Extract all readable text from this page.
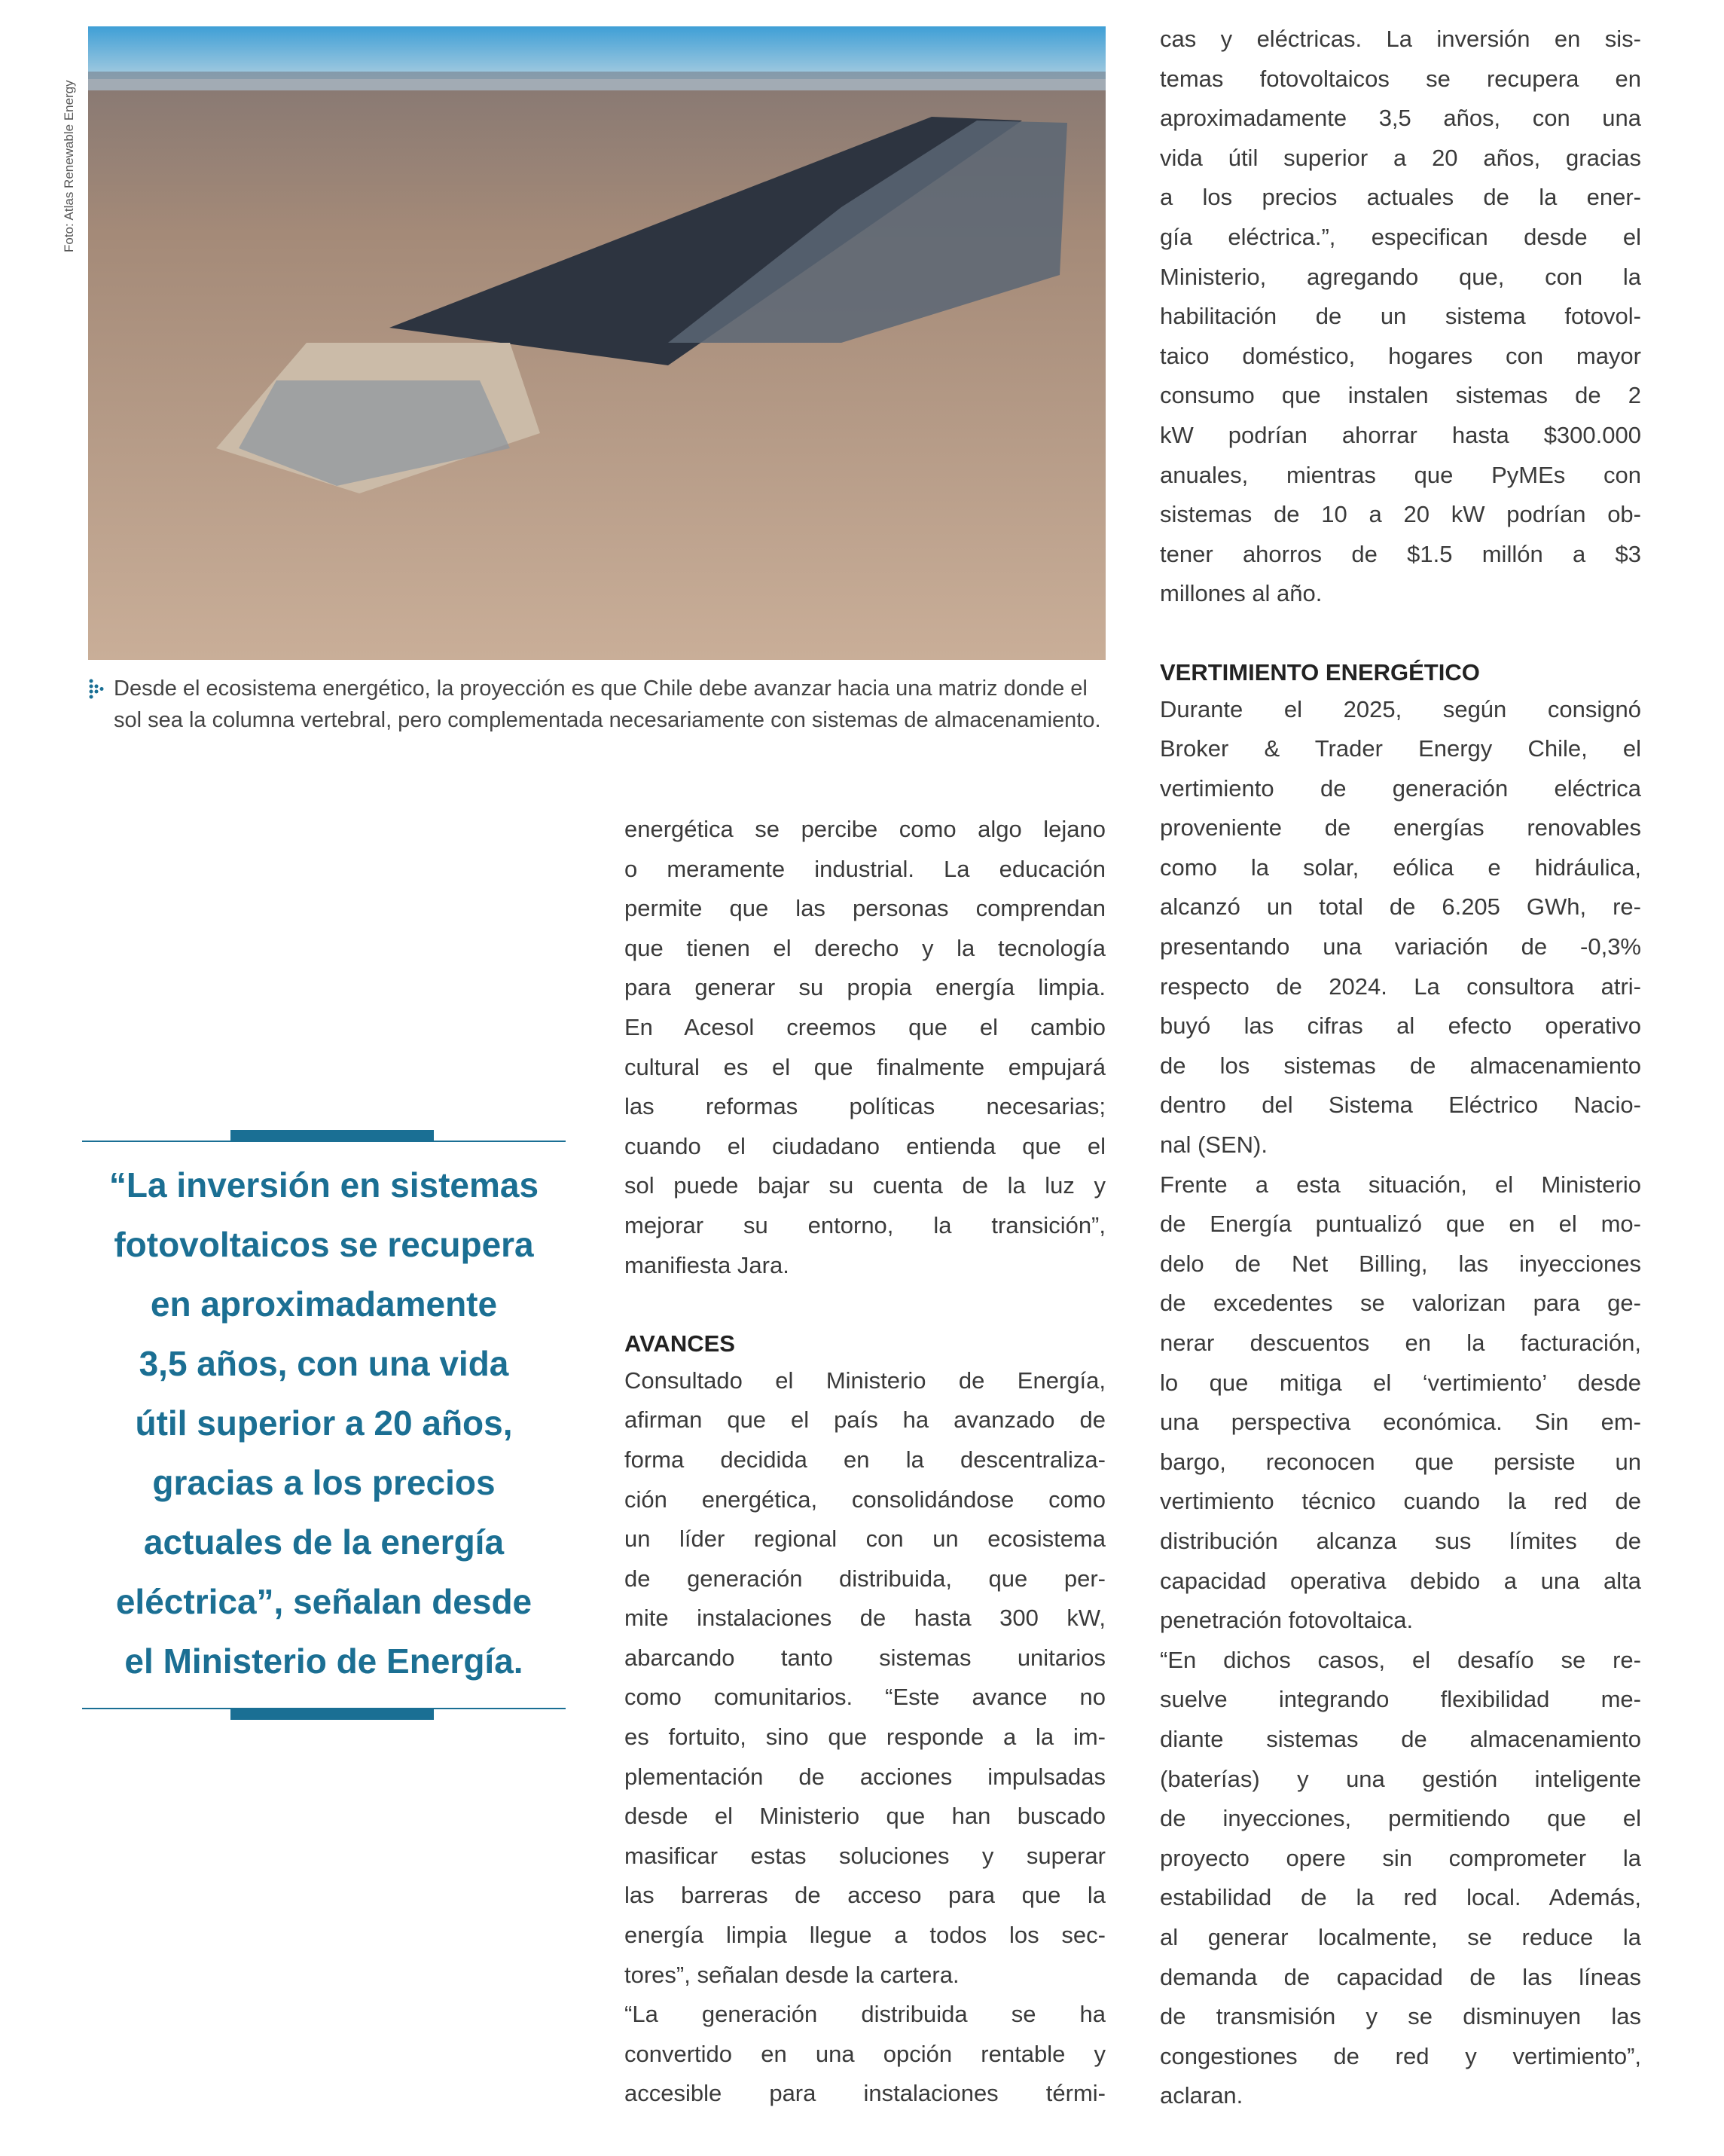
Foto: Atlas Renewable Energy
Desde el ecosistema energético, la proyección es que Chile debe avanzar hacia una matriz donde el sol sea la columna vertebral, pero complementada necesariamente con sistemas de almacenamiento.
“La inversión en sistemas
fotovoltaicos se recupera
en aproximadamente
3,5 años, con una vida
útil superior a 20 años,
gracias a los precios
actuales de la energía
eléctrica”, señalan desde
el Ministerio de Energía.
energética se percibe como algo lejano
o meramente industrial. La educación
permite que las personas comprendan
que tienen el derecho y la tecnología
para generar su propia energía limpia.
En Acesol creemos que el cambio
cultural es el que finalmente empujará
las reformas políticas necesarias;
cuando el ciudadano entienda que el
sol puede bajar su cuenta de la luz y
mejorar su entorno, la transición”,
manifiesta Jara.
AVANCES
Consultado el Ministerio de Energía,
afirman que el país ha avanzado de
forma decidida en la descentraliza-
ción energética, consolidándose como
un líder regional con un ecosistema
de generación distribuida, que per-
mite instalaciones de hasta 300 kW,
abarcando tanto sistemas unitarios
como comunitarios. “Este avance no
es fortuito, sino que responde a la im-
plementación de acciones impulsadas
desde el Ministerio que han buscado
masificar estas soluciones y superar
las barreras de acceso para que la
energía limpia llegue a todos los sec-
tores”, señalan desde la cartera.
“La generación distribuida se ha
convertido en una opción rentable y
accesible para instalaciones térmi-
cas y eléctricas. La inversión en sis-
temas fotovoltaicos se recupera en
aproximadamente 3,5 años, con una
vida útil superior a 20 años, gracias
a los precios actuales de la ener-
gía eléctrica.”, especifican desde el
Ministerio, agregando que, con la
habilitación de un sistema fotovol-
taico doméstico, hogares con mayor
consumo que instalen sistemas de 2
kW podrían ahorrar hasta $300.000
anuales, mientras que PyMEs con
sistemas de 10 a 20 kW podrían ob-
tener ahorros de $1.5 millón a $3
millones al año.
VERTIMIENTO ENERGÉTICO
Durante el 2025, según consignó
Broker & Trader Energy Chile, el
vertimiento de generación eléctrica
proveniente de energías renovables
como la solar, eólica e hidráulica,
alcanzó un total de 6.205 GWh, re-
presentando una variación de -0,3%
respecto de 2024. La consultora atri-
buyó las cifras al efecto operativo
de los sistemas de almacenamiento
dentro del Sistema Eléctrico Nacio-
nal (SEN).
Frente a esta situación, el Ministerio
de Energía puntualizó que en el mo-
delo de Net Billing, las inyecciones
de excedentes se valorizan para ge-
nerar descuentos en la facturación,
lo que mitiga el ‘vertimiento’ desde
una perspectiva económica. Sin em-
bargo, reconocen que persiste un
vertimiento técnico cuando la red de
distribución alcanza sus límites de
capacidad operativa debido a una alta
penetración fotovoltaica.
“En dichos casos, el desafío se re-
suelve integrando flexibilidad me-
diante sistemas de almacenamiento
(baterías) y una gestión inteligente
de inyecciones, permitiendo que el
proyecto opere sin comprometer la
estabilidad de la red local. Además,
al generar localmente, se reduce la
demanda de capacidad de las líneas
de transmisión y se disminuyen las
congestiones de red y vertimiento”,
aclaran.
